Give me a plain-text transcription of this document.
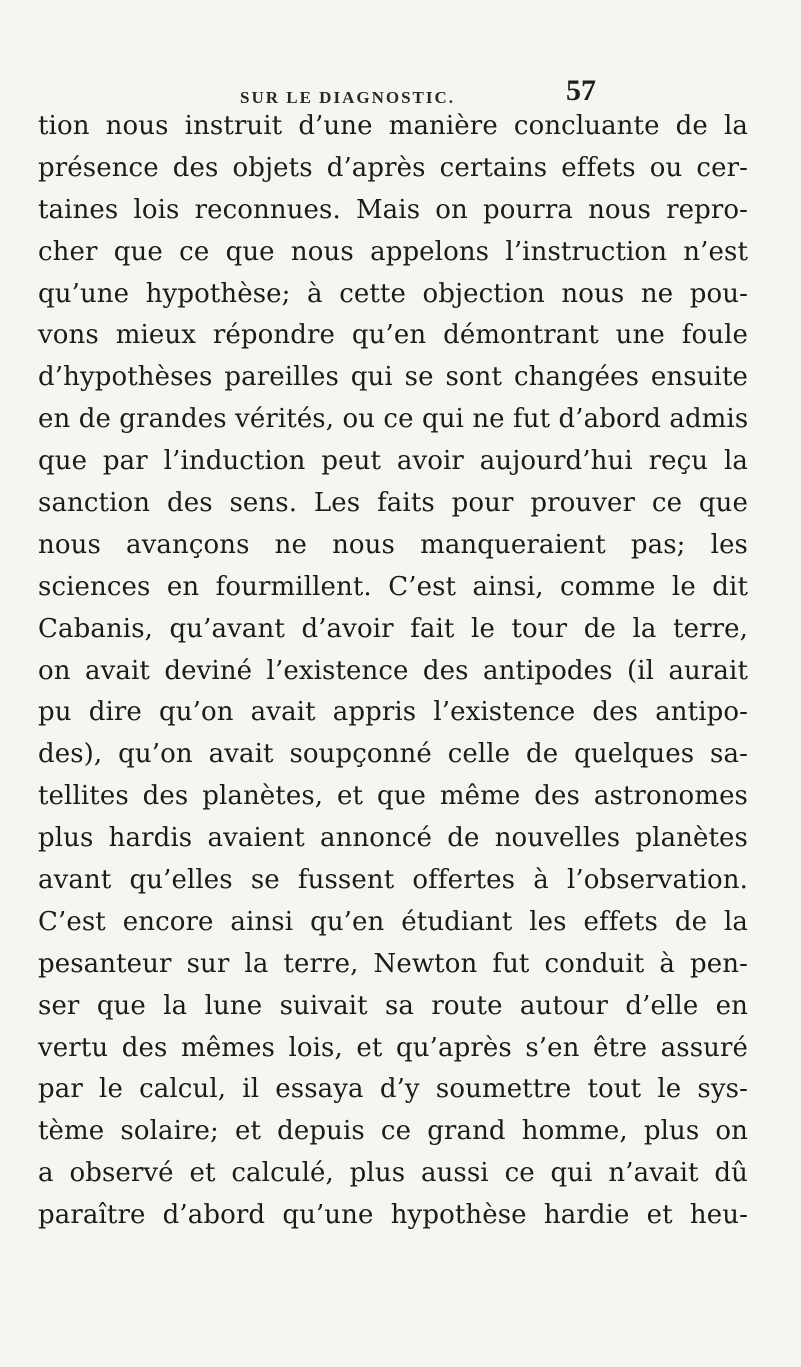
SUR LE DIAGNOSTIC.	57
tion nous instruit d’une manière concluante de la
présence des objets d’après certains effets ou cer-
taines lois reconnues. Mais on pourra nous repro-
cher que ce que nous appelons l’instruction n’est
qu’une hypothèse; à cette objection nous ne pou-
vons mieux répondre qu’en démontrant une foule
d’hypothèses pareilles qui se sont changées ensuite
en de grandes vérités, ou ce qui ne fut d’abord admis
que par l’induction peut avoir aujourd’hui reçu la
sanction des sens. Les faits pour prouver ce que
nous avançons ne nous manqueraient pas; les
sciences en fourmillent. C’est ainsi, comme le dit
Cabanis, qu’avant d’avoir fait le tour de la terre,
on avait deviné l’existence des antipodes (il aurait
pu dire qu’on avait appris l’existence des antipo-
des), qu’on avait soupçonné celle de quelques sa-
tellites des planètes, et que même des astronomes
plus hardis avaient annoncé de nouvelles planètes
avant qu’elles se fussent offertes à l’observation.
C’est encore ainsi qu’en étudiant les effets de la
pesanteur sur la terre, Newton fut conduit à pen-
ser que la lune suivait sa route autour d’elle en
vertu des mêmes lois, et qu’après s’en être assuré
par le calcul, il essaya d’y soumettre tout le sys-
tème solaire; et depuis ce grand homme, plus on
a observé et calculé, plus aussi ce qui n’avait dû
paraître d’abord qu’une hypothèse hardie et heu-
